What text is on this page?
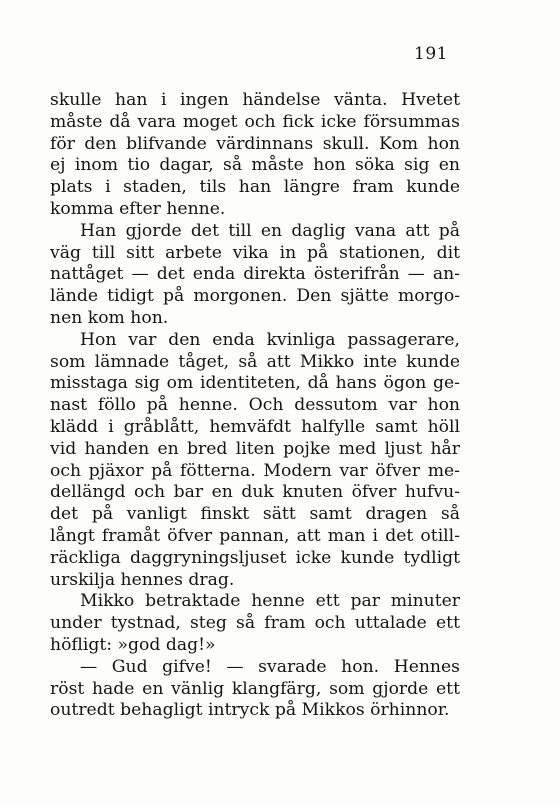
191
skulle han i ingen händelse vänta. Hvetet
måste då vara moget och fick icke försummas
för den blifvande värdinnans skull. Kom hon
ej inom tio dagar, så måste hon söka sig en
plats i staden, tils han längre fram kunde
komma efter henne.
Han gjorde det till en daglig vana att på
väg till sitt arbete vika in på stationen, dit
nattåget — det enda direkta österifrån — an-
lände tidigt på morgonen. Den sjätte morgo-
nen kom hon.
Hon var den enda kvinliga passagerare,
som lämnade tåget, så att Mikko inte kunde
misstaga sig om identiteten, då hans ögon ge-
nast föllo på henne. Och dessutom var hon
klädd i gråblått, hemväfdt halfylle samt höll
vid handen en bred liten pojke med ljust hår
och pjäxor på fötterna. Modern var öfver me-
dellängd och bar en duk knuten öfver hufvu-
det på vanligt finskt sätt samt dragen så
långt framåt öfver pannan, att man i det otill-
räckliga daggryningsljuset icke kunde tydligt
urskilja hennes drag.
Mikko betraktade henne ett par minuter
under tystnad, steg så fram och uttalade ett
höfligt: »god dag!»
— Gud gifve! — svarade hon. Hennes
röst hade en vänlig klangfärg, som gjorde ett
outredt behagligt intryck på Mikkos örhinnor.
